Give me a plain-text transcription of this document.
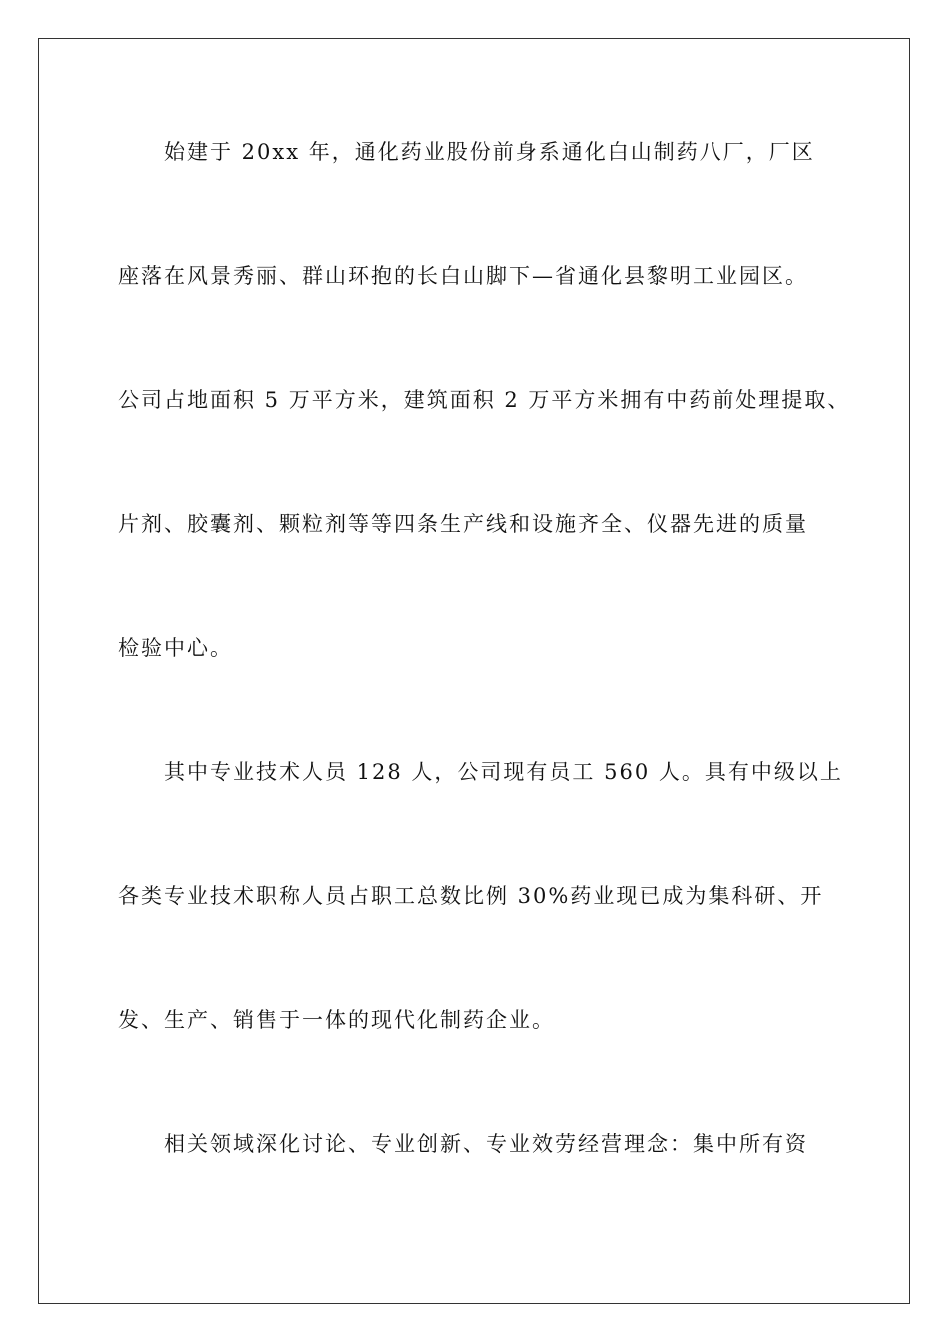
始建于 20xx 年，通化药业股份前身系通化白山制药八厂，厂区
座落在风景秀丽、群山环抱的长白山脚下—省通化县黎明工业园区。
公司占地面积 5 万平方米，建筑面积 2 万平方米拥有中药前处理提取、
片剂、胶囊剂、颗粒剂等等四条生产线和设施齐全、仪器先进的质量
检验中心。
其中专业技术人员 128 人，公司现有员工 560 人。具有中级以上
各类专业技术职称人员占职工总数比例 30%药业现已成为集科研、开
发、生产、销售于一体的现代化制药企业。
相关领域深化讨论、专业创新、专业效劳经营理念：集中所有资
